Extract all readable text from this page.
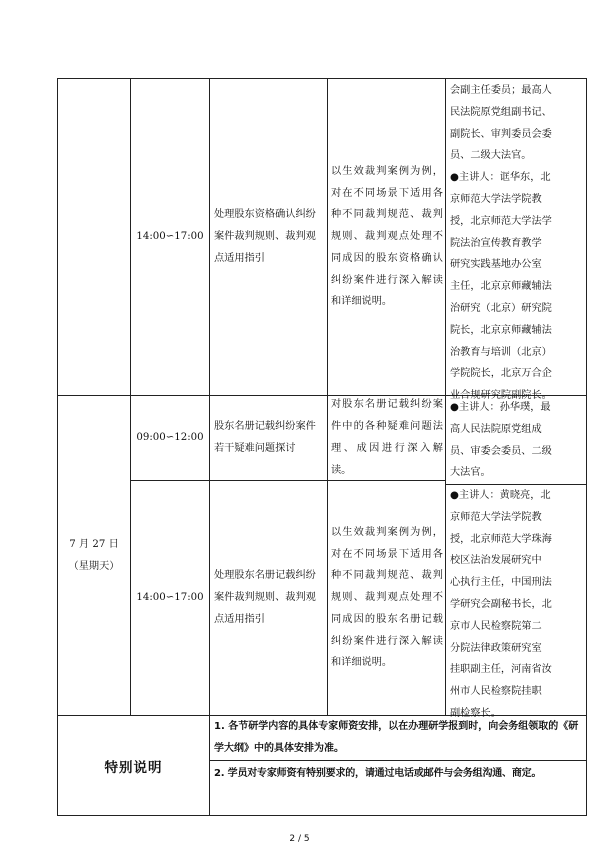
14:00∽17:00
处理股东资格确认纠纷案件裁判规则、裁判观点适用指引
以生效裁判案例为例，对在不同场景下适用各种不同裁判规范、裁判规则、裁判观点处理不同成因的股东资格确认纠纷案件进行深入解读和详细说明。
会副主任委员；最高人
民法院原党组副书记、
副院长、审判委员会委
员、二级大法官。
●主讲人：诓华东，北
京师范大学法学院教
授，北京师范大学法学
院法治宣传教育教学
研究实践基地办公室
主任，北京京师藏辅法
治研究（北京）研究院
院长，北京京师藏辅法
治教育与培训（北京）
学院院长，北京万合企
业合规研究院副院长。
7 月 27 日
（星期天）
09:00∽12:00
股东名册记载纠纷案件若干疑难问题探讨
对股东名册记载纠纷案件中的各种疑难问题法理、成因进行深入解读。
●主讲人：孙华璞，最
高人民法院原党组成
员、审委会委员、二级
大法官。
14:00∽17:00
处理股东名册记载纠纷案件裁判规则、裁判观点适用指引
以生效裁判案例为例，对在不同场景下适用各种不同裁判规范、裁判规则、裁判观点处理不同成因的股东名册记载纠纷案件进行深入解读和详细说明。
●主讲人：黄晓亮，北
京师范大学法学院教
授，北京师范大学珠海
校区法治发展研究中
心执行主任，中国刑法
学研究会副秘书长，北
京市人民检察院第二
分院法律政策研究室
挂职副主任，河南省汝
州市人民检察院挂职
副检察长。
特别说明
1. 各节研学内容的具体专家师资安排，以在办理研学报到时，向会务组领取的《研学大纲》中的具体安排为准。
2. 学员对专家师资有特别要求的，请通过电话或邮件与会务组沟通、商定。
2 / 5
